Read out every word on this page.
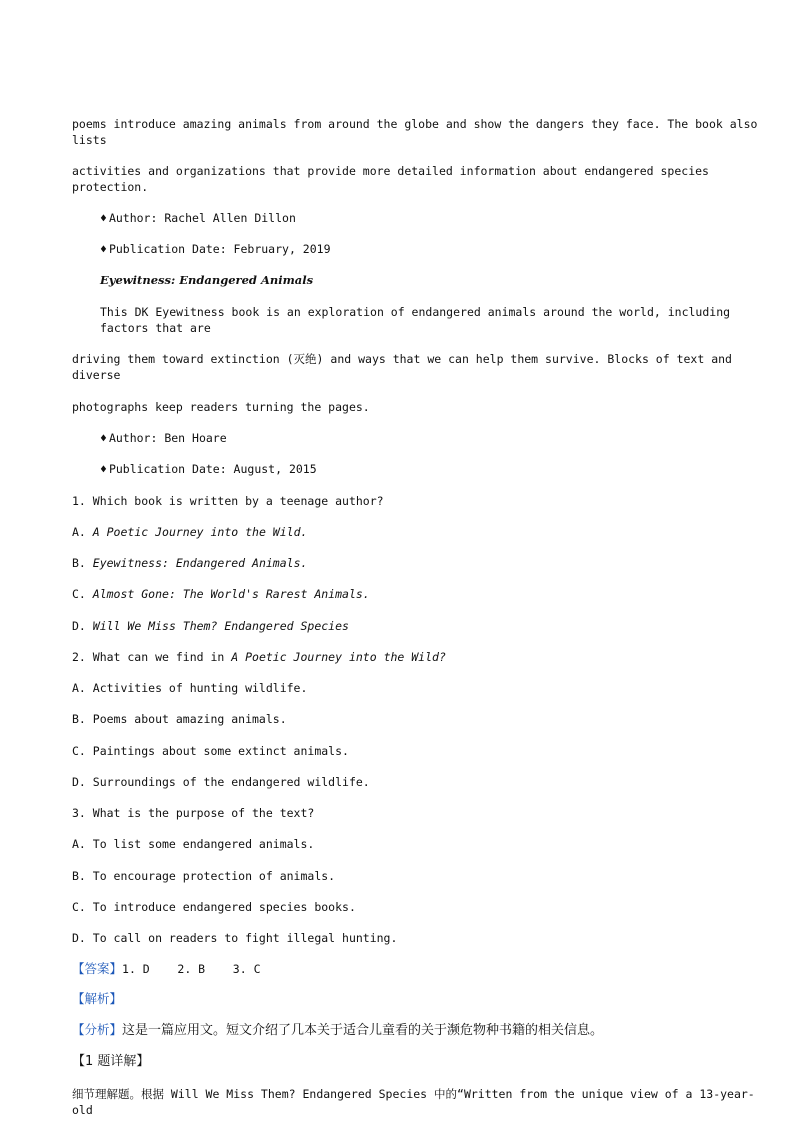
poems introduce amazing animals from around the globe and show the dangers they face. The book also lists
activities and organizations that provide more detailed information about endangered species protection.
♦ Author: Rachel Allen Dillon
♦ Publication Date: February, 2019
Eyewitness: Endangered Animals
This DK Eyewitness book is an exploration of endangered animals around the world, including factors that are
driving them toward extinction (灭绝) and ways that we can help them survive. Blocks of text and diverse
photographs keep readers turning the pages.
♦ Author: Ben Hoare
♦ Publication Date: August, 2015
1. Which book is written by a teenage author?
A. A Poetic Journey into the Wild.
B. Eyewitness: Endangered Animals.
C. Almost Gone: The World's Rarest Animals.
D. Will We Miss Them? Endangered Species
2. What can we find in A Poetic Journey into the Wild?
A. Activities of hunting wildlife.
B. Poems about amazing animals.
C. Paintings about some extinct animals.
D. Surroundings of the endangered wildlife.
3. What is the purpose of the text?
A. To list some endangered animals.
B. To encourage protection of animals.
C. To introduce endangered species books.
D. To call on readers to fight illegal hunting.
【答案】1. D    2. B    3. C
【解析】
【分析】这是一篇应用文。短文介绍了几本关于适合儿童看的关于濒危物种书籍的相关信息。
【1 题详解】
细节理解题。根据 Will We Miss Them? Endangered Species 中的“Written from the unique view of a 13-year-old
